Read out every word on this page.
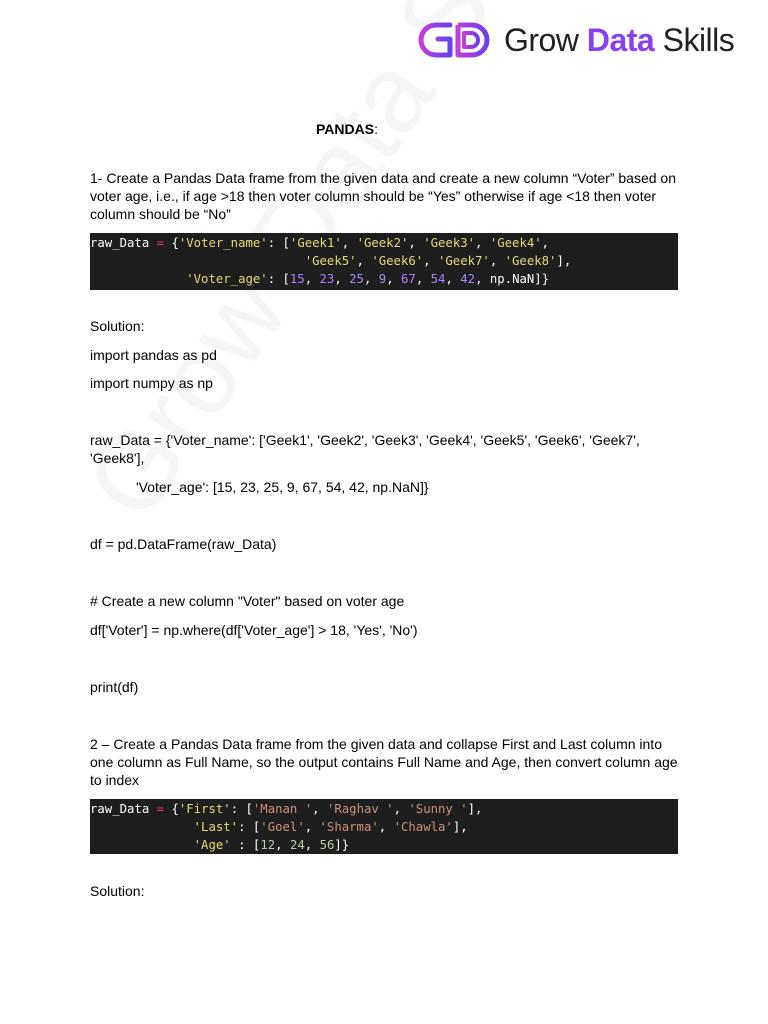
Grow Data Skills
PANDAS:
1- Create a Pandas Data frame from the given data and create a new column “Voter” based on
voter age, i.e., if age >18 then voter column should be “Yes” otherwise if age <18 then voter
column should be “No”
raw_Data = {'Voter_name': ['Geek1', 'Geek2', 'Geek3', 'Geek4',
'Geek5', 'Geek6', 'Geek7', 'Geek8'],
'Voter_age': [15, 23, 25, 9, 67, 54, 42, np.NaN]}
Solution:
import pandas as pd
import numpy as np
raw_Data = {'Voter_name': ['Geek1', 'Geek2', 'Geek3', 'Geek4', 'Geek5', 'Geek6', 'Geek7',
'Geek8'],
'Voter_age': [15, 23, 25, 9, 67, 54, 42, np.NaN]}
df = pd.DataFrame(raw_Data)
# Create a new column "Voter" based on voter age
df['Voter'] = np.where(df['Voter_age'] > 18, 'Yes', 'No')
print(df)
2 – Create a Pandas Data frame from the given data and collapse First and Last column into
one column as Full Name, so the output contains Full Name and Age, then convert column age
to index
raw_Data = {'First': ['Manan ', 'Raghav ', 'Sunny '],
'Last': ['Goel', 'Sharma', 'Chawla'],
'Age' : [12, 24, 56]}
Solution:
